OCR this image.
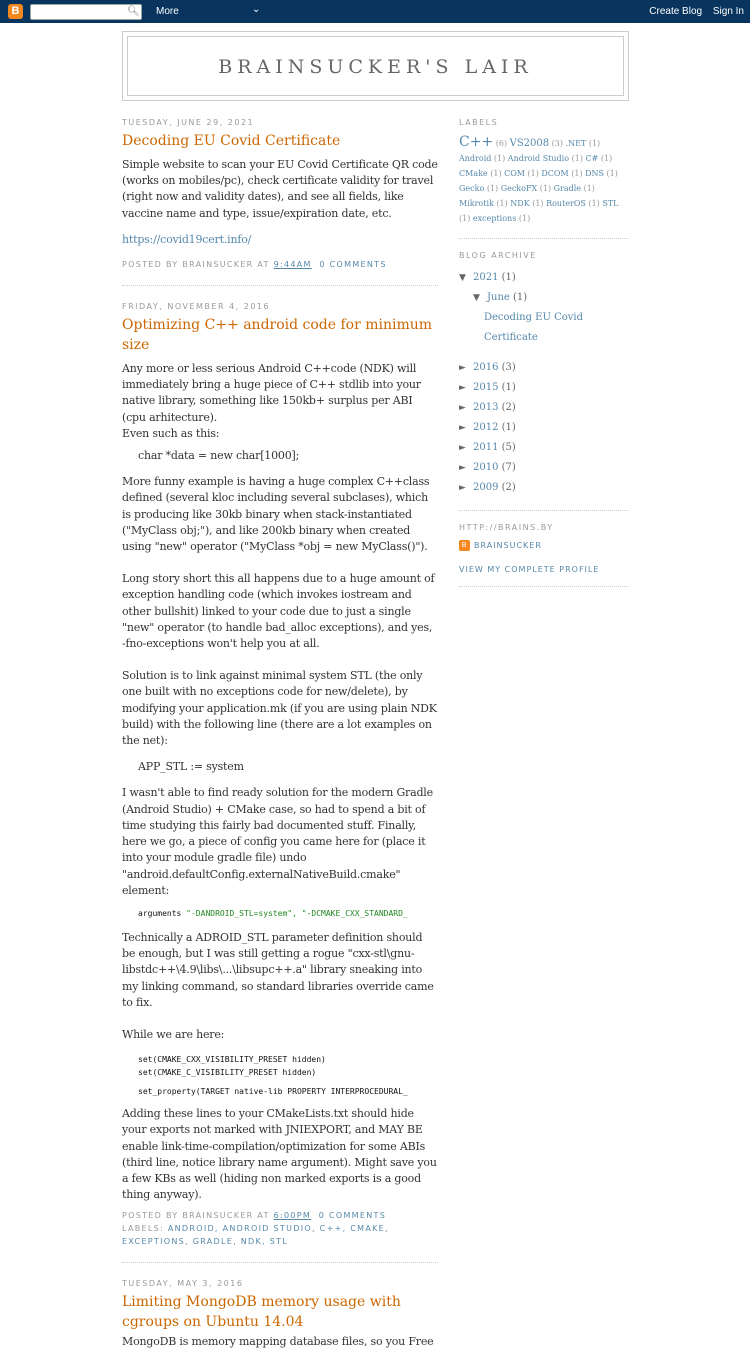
B	🔍︎ More	⌄	Create Blog Sign In
BRAINSUCKER'S LAIR
TUESDAY, JUNE 29, 2021
Decoding EU Covid Certificate

Simple website to scan your EU Covid Certificate QR code (works on mobiles/pc), check certificate validity for travel (right now and validity dates), and see all fields, like vaccine name and type, issue/expiration date, etc.

https://covid19cert.info/

POSTED BY BRAINSUCKER AT 9:44AM 0 COMMENTS
FRIDAY, NOVEMBER 4, 2016
Optimizing C++ android code for minimum size

Any more or less serious Android C++code (NDK) will immediately bring a huge piece of C++ stdlib into your native library, something like 150kb+ surplus per ABI (cpu arhitecture).

Even such as this:

char *data = new char[1000];

More funny example is having a huge complex C++class defined (several kloc including several subclases), which is producing like 30kb binary when stack-instantiated ("MyClass obj;"), and like 200kb binary when created using "new" operator ("MyClass *obj = new MyClass()").

Long story short this all happens due to a huge amount of exception handling code (which invokes iostream and other bullshit) linked to your code due to just a single "new" operator (to handle bad_alloc exceptions), and yes, -fno-exceptions won't help you at all.

Solution is to link against minimal system STL (the only one built with no exceptions code for new/delete), by modifying your application.mk (if you are using plain NDK build) with the following line (there are a lot examples on the net):

APP_STL := system

I wasn't able to find ready solution for the modern Gradle (Android Studio) + CMake case, so had to spend a bit of time studying this fairly bad documented stuff. Finally, here we go, a piece of config you came here for (place it into your module gradle file) undo "android.defaultConfig.externalNativeBuild.cmake" element:

arguments "-DANDROID_STL=system", "-DCMAKE_CXX_STANDARD_

Technically a ADROID_STL parameter definition should be enough, but I was still getting a rogue "cxx-stl\gnu-libstdc++\4.9\libs\...\libsupc++.a" library sneaking into my linking command, so standard libraries override came to fix.

While we are here:

set(CMAKE_CXX_VISIBILITY_PRESET hidden)
set(CMAKE_C_VISIBILITY_PRESET hidden)
set_property(TARGET native-lib PROPERTY INTERPROCEDURAL_

Adding these lines to your CMakeLists.txt should hide your exports not marked with JNIEXPORT, and MAY BE enable link-time-compilation/optimization for some ABIs (third line, notice library name argument). Might save you a few KBs as well (hiding non marked exports is a good thing anyway).

POSTED BY BRAINSUCKER AT 6:00PM 0 COMMENTS
LABELS: ANDROID, ANDROID STUDIO, C++, CMAKE, EXCEPTIONS, GRADLE, NDK, STL
TUESDAY, MAY 3, 2016
Limiting MongoDB memory usage with cgroups on Ubuntu 14.04

MongoDB is memory mapping database files, so you Free

LABELS
C++ (6) VS2008 (3) .NET (1) Android (1) Android Studio (1) C# (1) CMake (1) COM (1) DCOM (1) DNS (1) Gecko (1) GeckoFX (1) Gradle (1) Mikrotik (1) NDK (1) RouterOS (1) STL (1) exceptions (1)
BLOG ARCHIVE
▼ 2021 (1)
▼ June (1)
Decoding EU Covid Certificate
► 2016 (3)
► 2015 (1)
► 2013 (2)
► 2012 (1)
► 2011 (5)
► 2010 (7)
► 2009 (2)
HTTP://BRAINS.BY
B BRAINSUCKER
VIEW MY COMPLETE PROFILE
